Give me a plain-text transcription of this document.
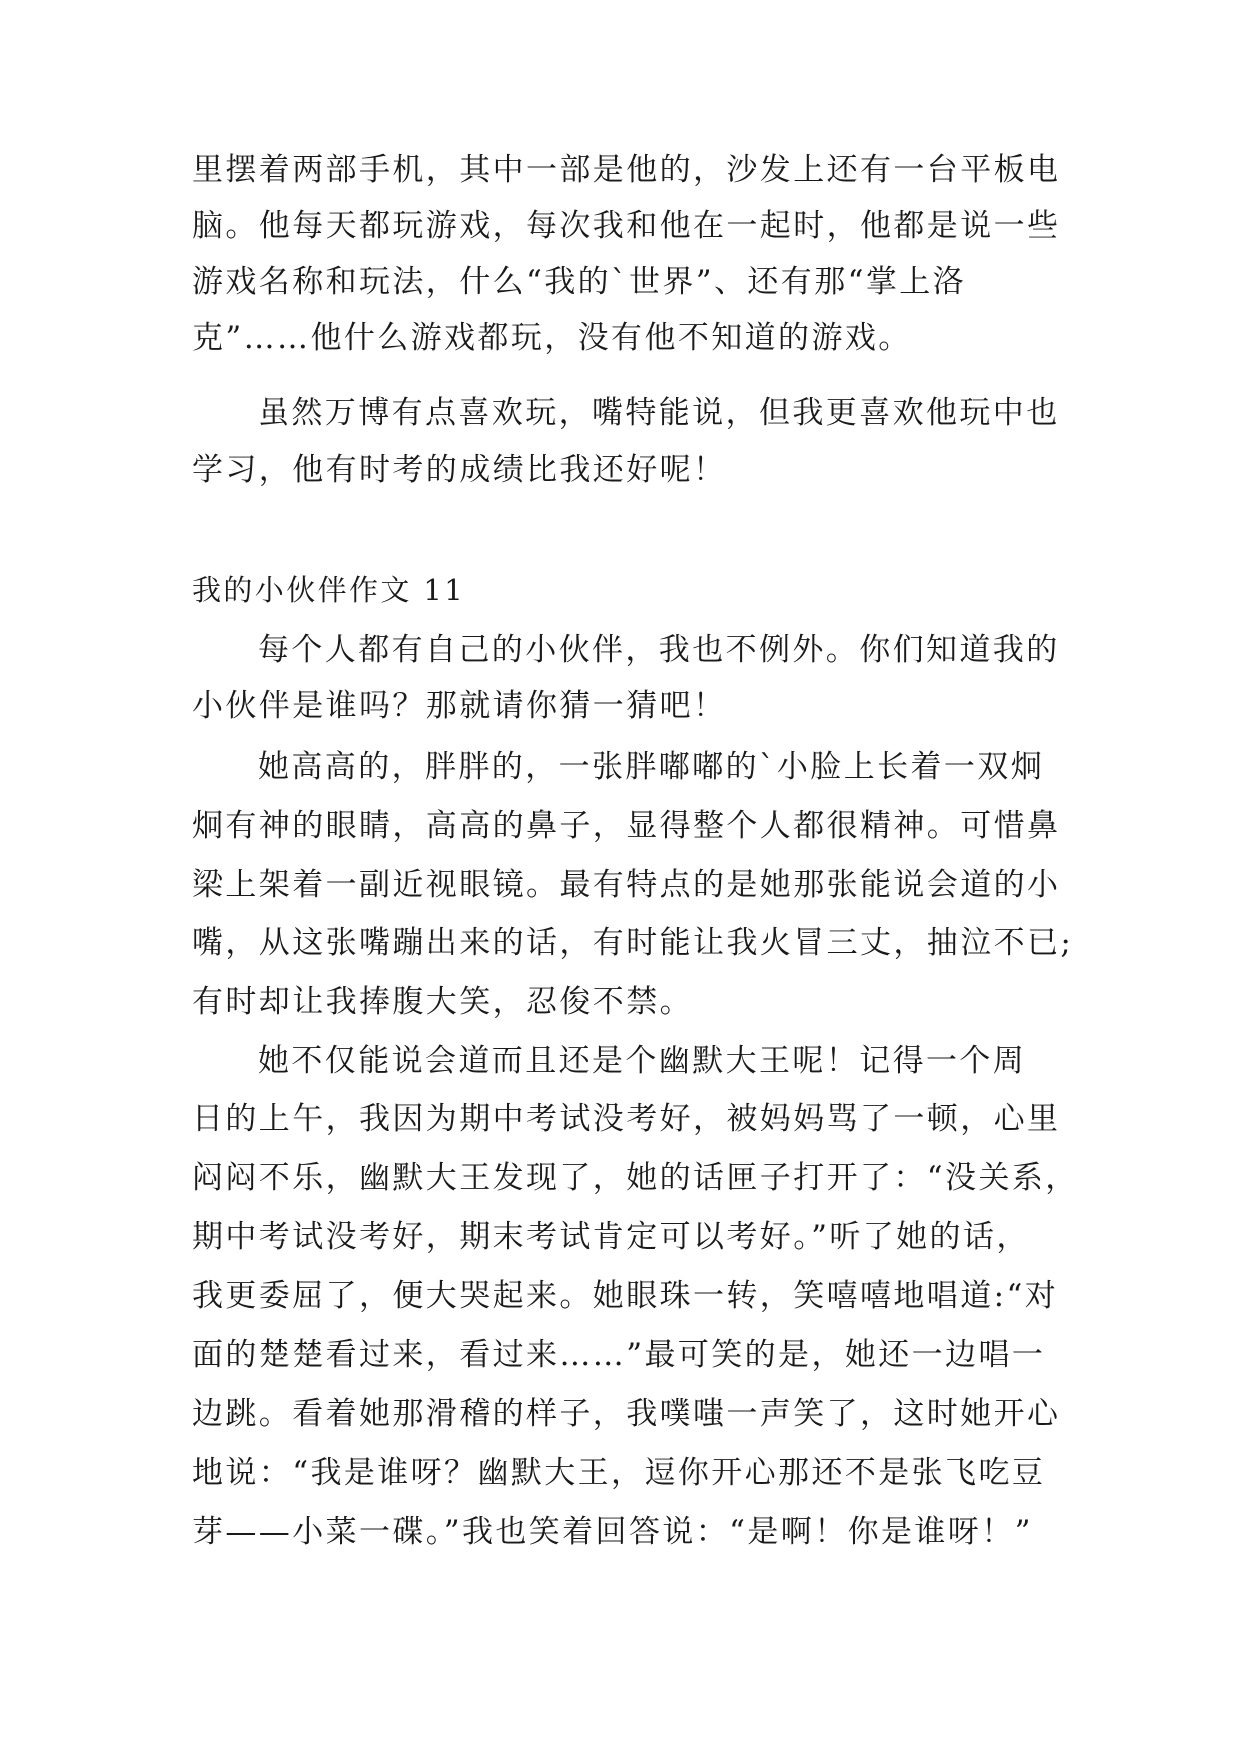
里摆着两部手机，其中一部是他的，沙发上还有一台平板电
脑。他每天都玩游戏，每次我和他在一起时，他都是说一些
游戏名称和玩法，什么“我的`世界”、还有那“掌上洛
克”……他什么游戏都玩，没有他不知道的游戏。
虽然万博有点喜欢玩，嘴特能说，但我更喜欢他玩中也
学习，他有时考的成绩比我还好呢！
我的小伙伴作文 11
每个人都有自己的小伙伴，我也不例外。你们知道我的
小伙伴是谁吗？那就请你猜一猜吧！
她高高的，胖胖的，一张胖嘟嘟的`小脸上长着一双炯
炯有神的眼睛，高高的鼻子，显得整个人都很精神。可惜鼻
梁上架着一副近视眼镜。最有特点的是她那张能说会道的小
嘴，从这张嘴蹦出来的话，有时能让我火冒三丈，抽泣不已;
有时却让我捧腹大笑，忍俊不禁。
她不仅能说会道而且还是个幽默大王呢！记得一个周
日的上午，我因为期中考试没考好，被妈妈骂了一顿，心里
闷闷不乐，幽默大王发现了，她的话匣子打开了：“没关系，
期中考试没考好，期末考试肯定可以考好。”听了她的话，
我更委屈了，便大哭起来。她眼珠一转，笑嘻嘻地唱道:“对
面的楚楚看过来，看过来……”最可笑的是，她还一边唱一
边跳。看着她那滑稽的样子，我噗嗤一声笑了，这时她开心
地说：“我是谁呀？幽默大王，逗你开心那还不是张飞吃豆
芽——小菜一碟。”我也笑着回答说：“是啊！你是谁呀！”
